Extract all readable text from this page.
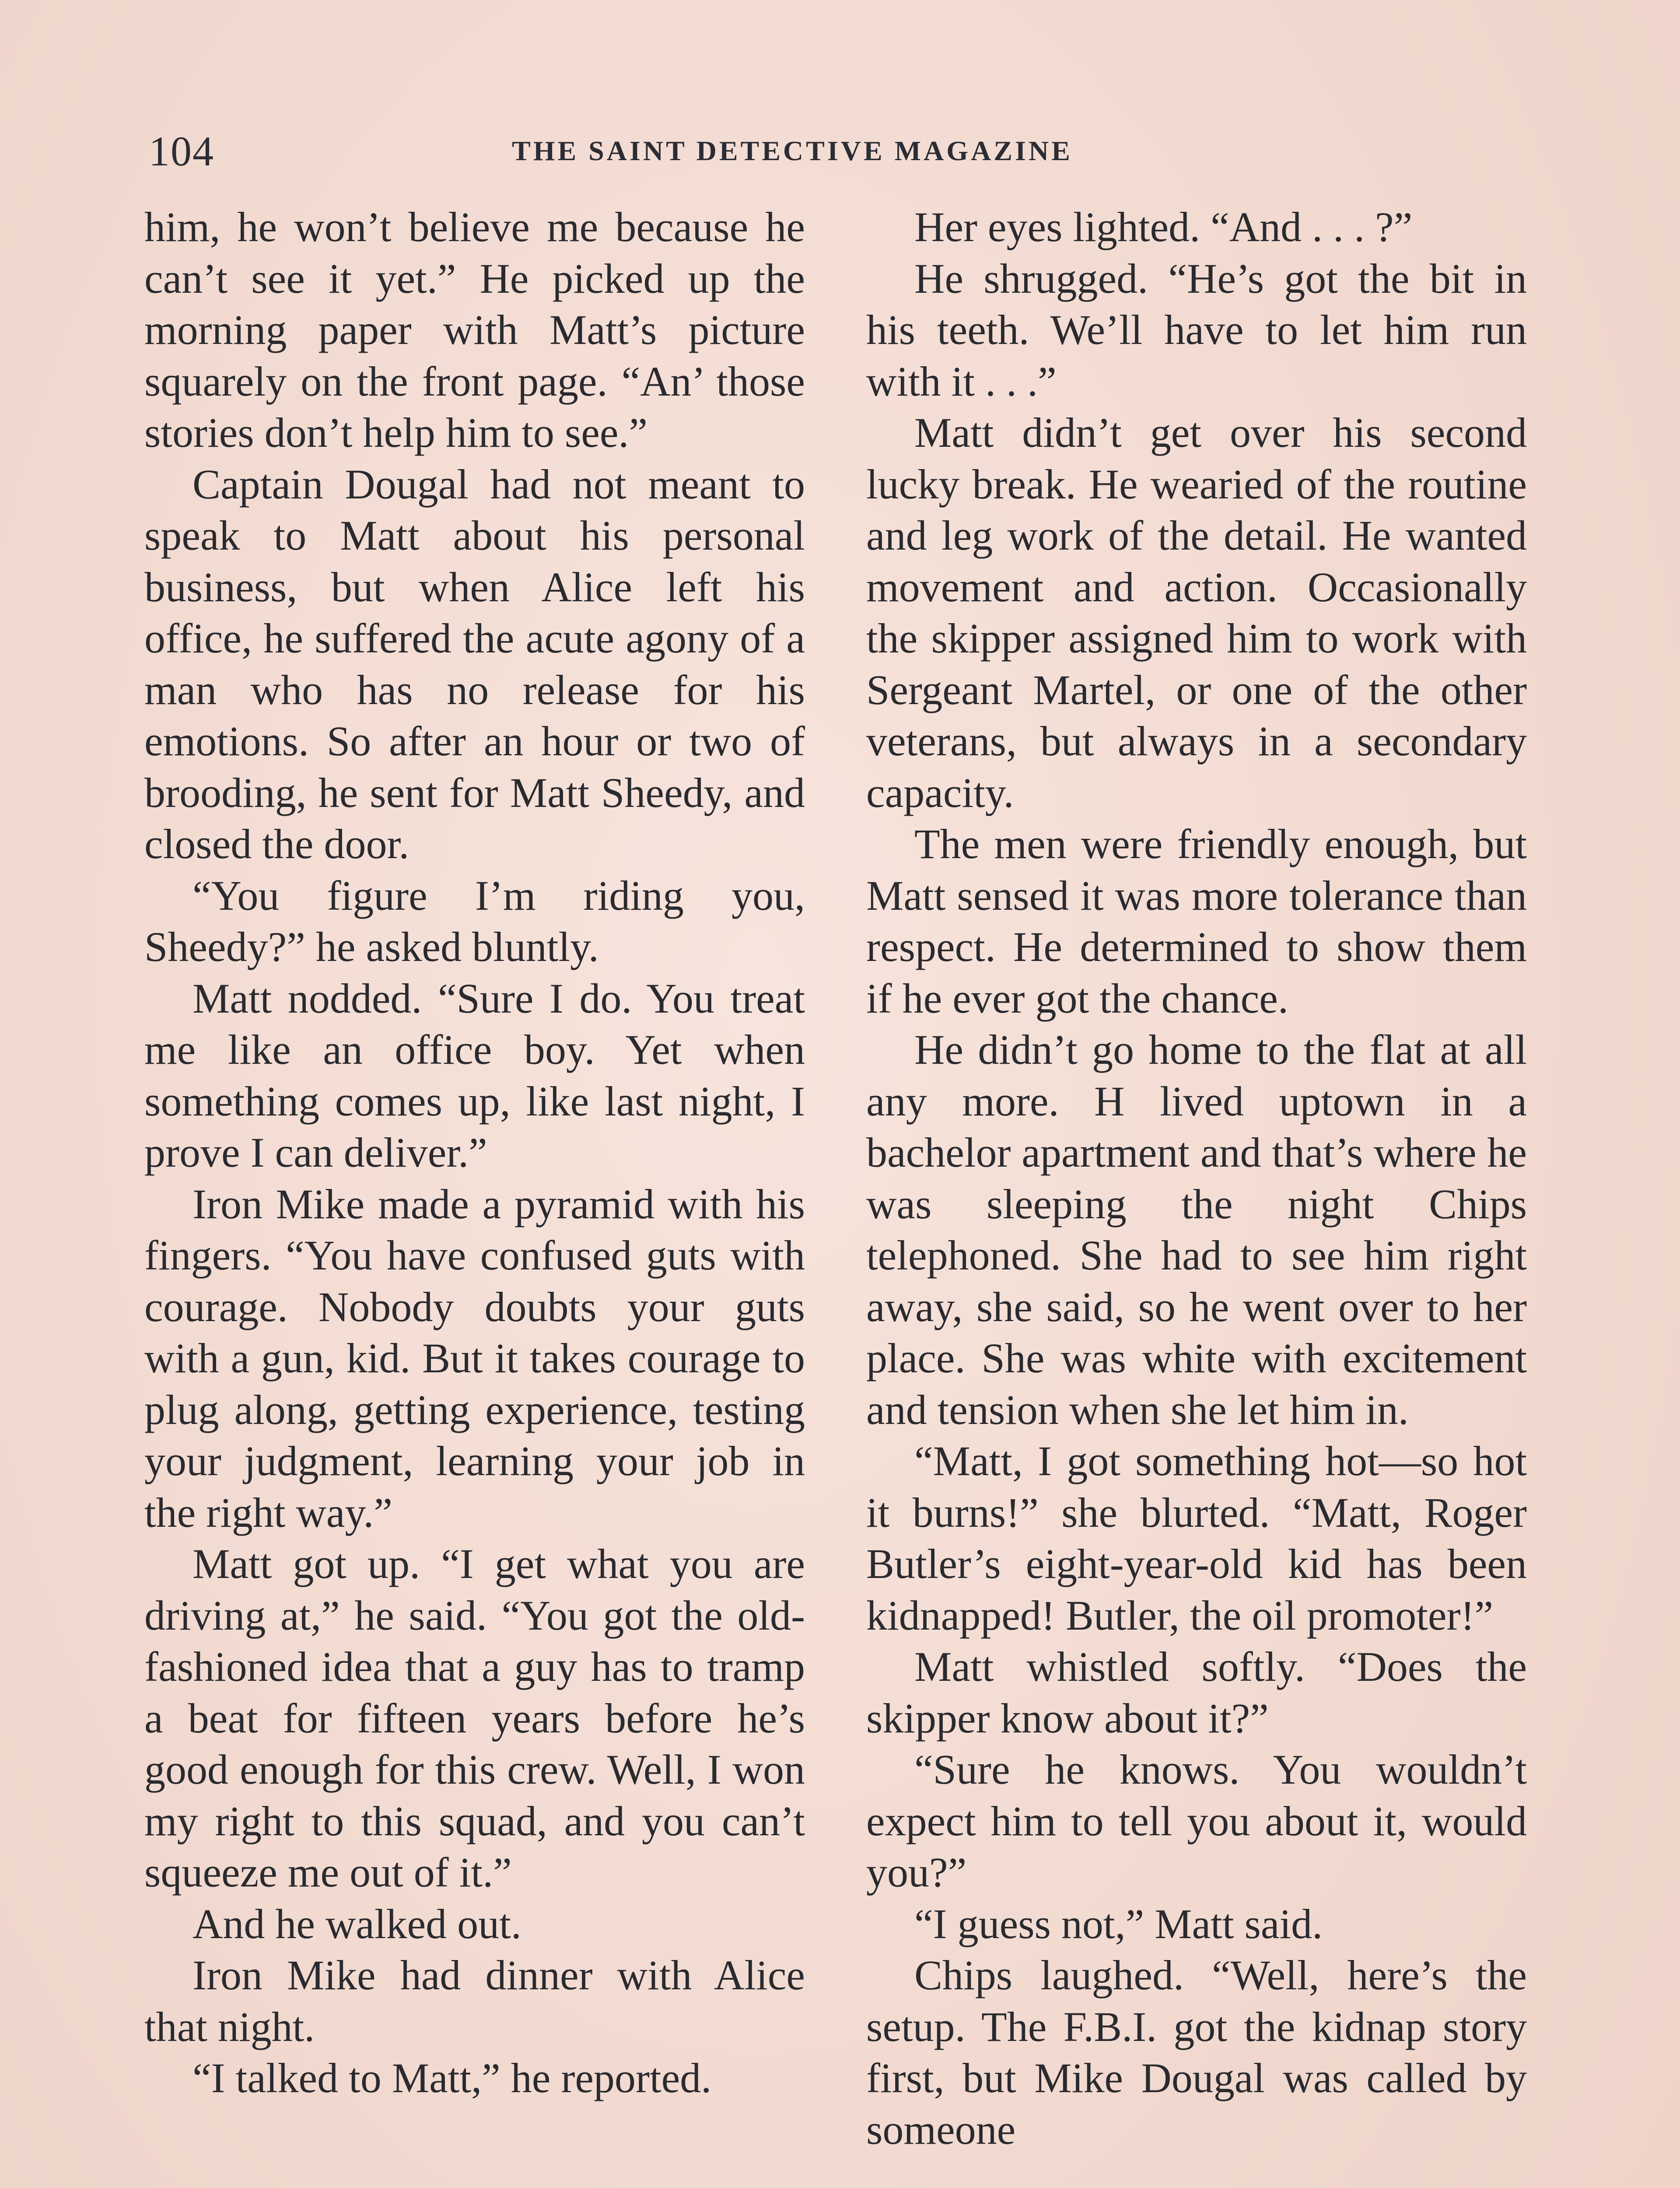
104	THE SAINT DETECTIVE MAGAZINE

him, he won’t believe me because he can’t see it yet.” He picked up the morning paper with Matt’s picture squarely on the front page. “An’ those stories don’t help him to see.”

Captain Dougal had not meant to speak to Matt about his personal business, but when Alice left his office, he suffered the acute agony of a man who has no release for his emotions. So after an hour or two of brooding, he sent for Matt Sheedy, and closed the door.

“You figure I’m riding you, Sheedy?” he asked bluntly.

Matt nodded. “Sure I do. You treat me like an office boy. Yet when something comes up, like last night, I prove I can deliver.”

Iron Mike made a pyramid with his fingers. “You have confused guts with courage. Nobody doubts your guts with a gun, kid. But it takes courage to plug along, getting experience, testing your judgment, learning your job in the right way.”

Matt got up. “I get what you are driving at,” he said. “You got the old-fashioned idea that a guy has to tramp a beat for fifteen years before he’s good enough for this crew. Well, I won my right to this squad, and you can’t squeeze me out of it.”

And he walked out.

Iron Mike had dinner with Alice that night.

“I talked to Matt,” he reported.

Her eyes lighted. “And . . . ?”

He shrugged. “He’s got the bit in his teeth. We’ll have to let him run with it . . .”

Matt didn’t get over his second lucky break. He wearied of the routine and leg work of the detail. He wanted movement and action. Occasionally the skipper assigned him to work with Sergeant Martel, or one of the other veterans, but always in a secondary capacity.

The men were friendly enough, but Matt sensed it was more tolerance than respect. He determined to show them if he ever got the chance.

He didn’t go home to the flat at all any more. H lived uptown in a bachelor apartment and that’s where he was sleeping the night Chips telephoned. She had to see him right away, she said, so he went over to her place. She was white with excitement and tension when she let him in.

“Matt, I got something hot—so hot it burns!” she blurted. “Matt, Roger Butler’s eight-year-old kid has been kidnapped! Butler, the oil promoter!”

Matt whistled softly. “Does the skipper know about it?”

“Sure he knows. You wouldn’t expect him to tell you about it, would you?”

“I guess not,” Matt said.

Chips laughed. “Well, here’s the setup. The F.B.I. got the kidnap story first, but Mike Dougal was called by someone
